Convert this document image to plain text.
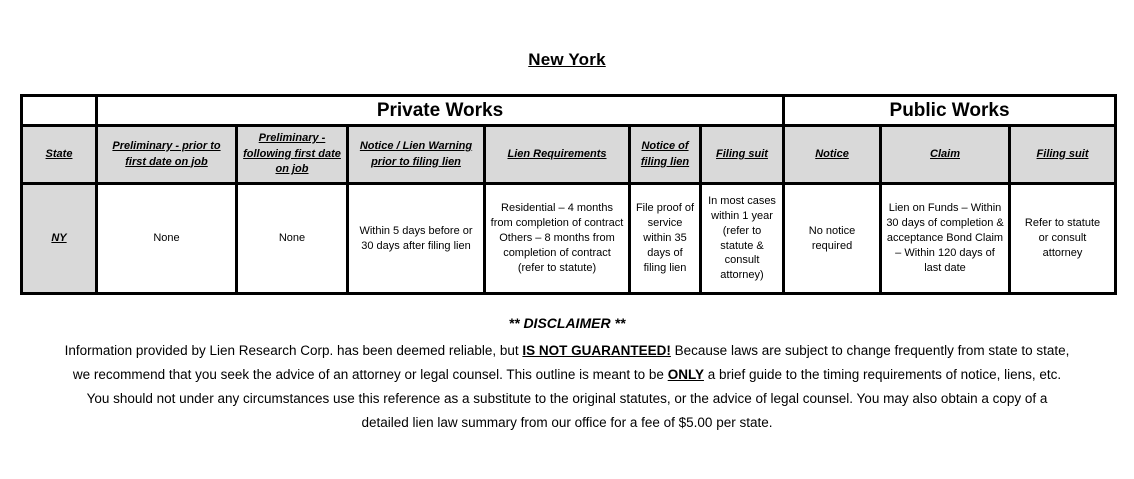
New York
	Private Works						Public Works		
State	Preliminary - prior to first date on job	Preliminary - following first date on job	Notice / Lien Warning prior to filing lien	Lien Requirements	Notice of filing lien	Filing suit	Notice	Claim	Filing suit
NY	None	None	Within 5 days before or 30 days after filing lien	Residential – 4 months from completion of contract Others – 8 months from completion of contract (refer to statute)	File proof of service within 35 days of filing lien	In most cases within 1 year (refer to statute & consult attorney)	No notice required	Lien on Funds – Within 30 days of completion & acceptance Bond Claim – Within 120 days of last date	Refer to statute or consult attorney
** DISCLAIMER **

Information provided by Lien Research Corp. has been deemed reliable, but IS NOT GUARANTEED! Because laws are subject to change frequently from state to state, we recommend that you seek the advice of an attorney or legal counsel. This outline is meant to be ONLY a brief guide to the timing requirements of notice, liens, etc. You should not under any circumstances use this reference as a substitute to the original statutes, or the advice of legal counsel. You may also obtain a copy of a detailed lien law summary from our office for a fee of $5.00 per state.
